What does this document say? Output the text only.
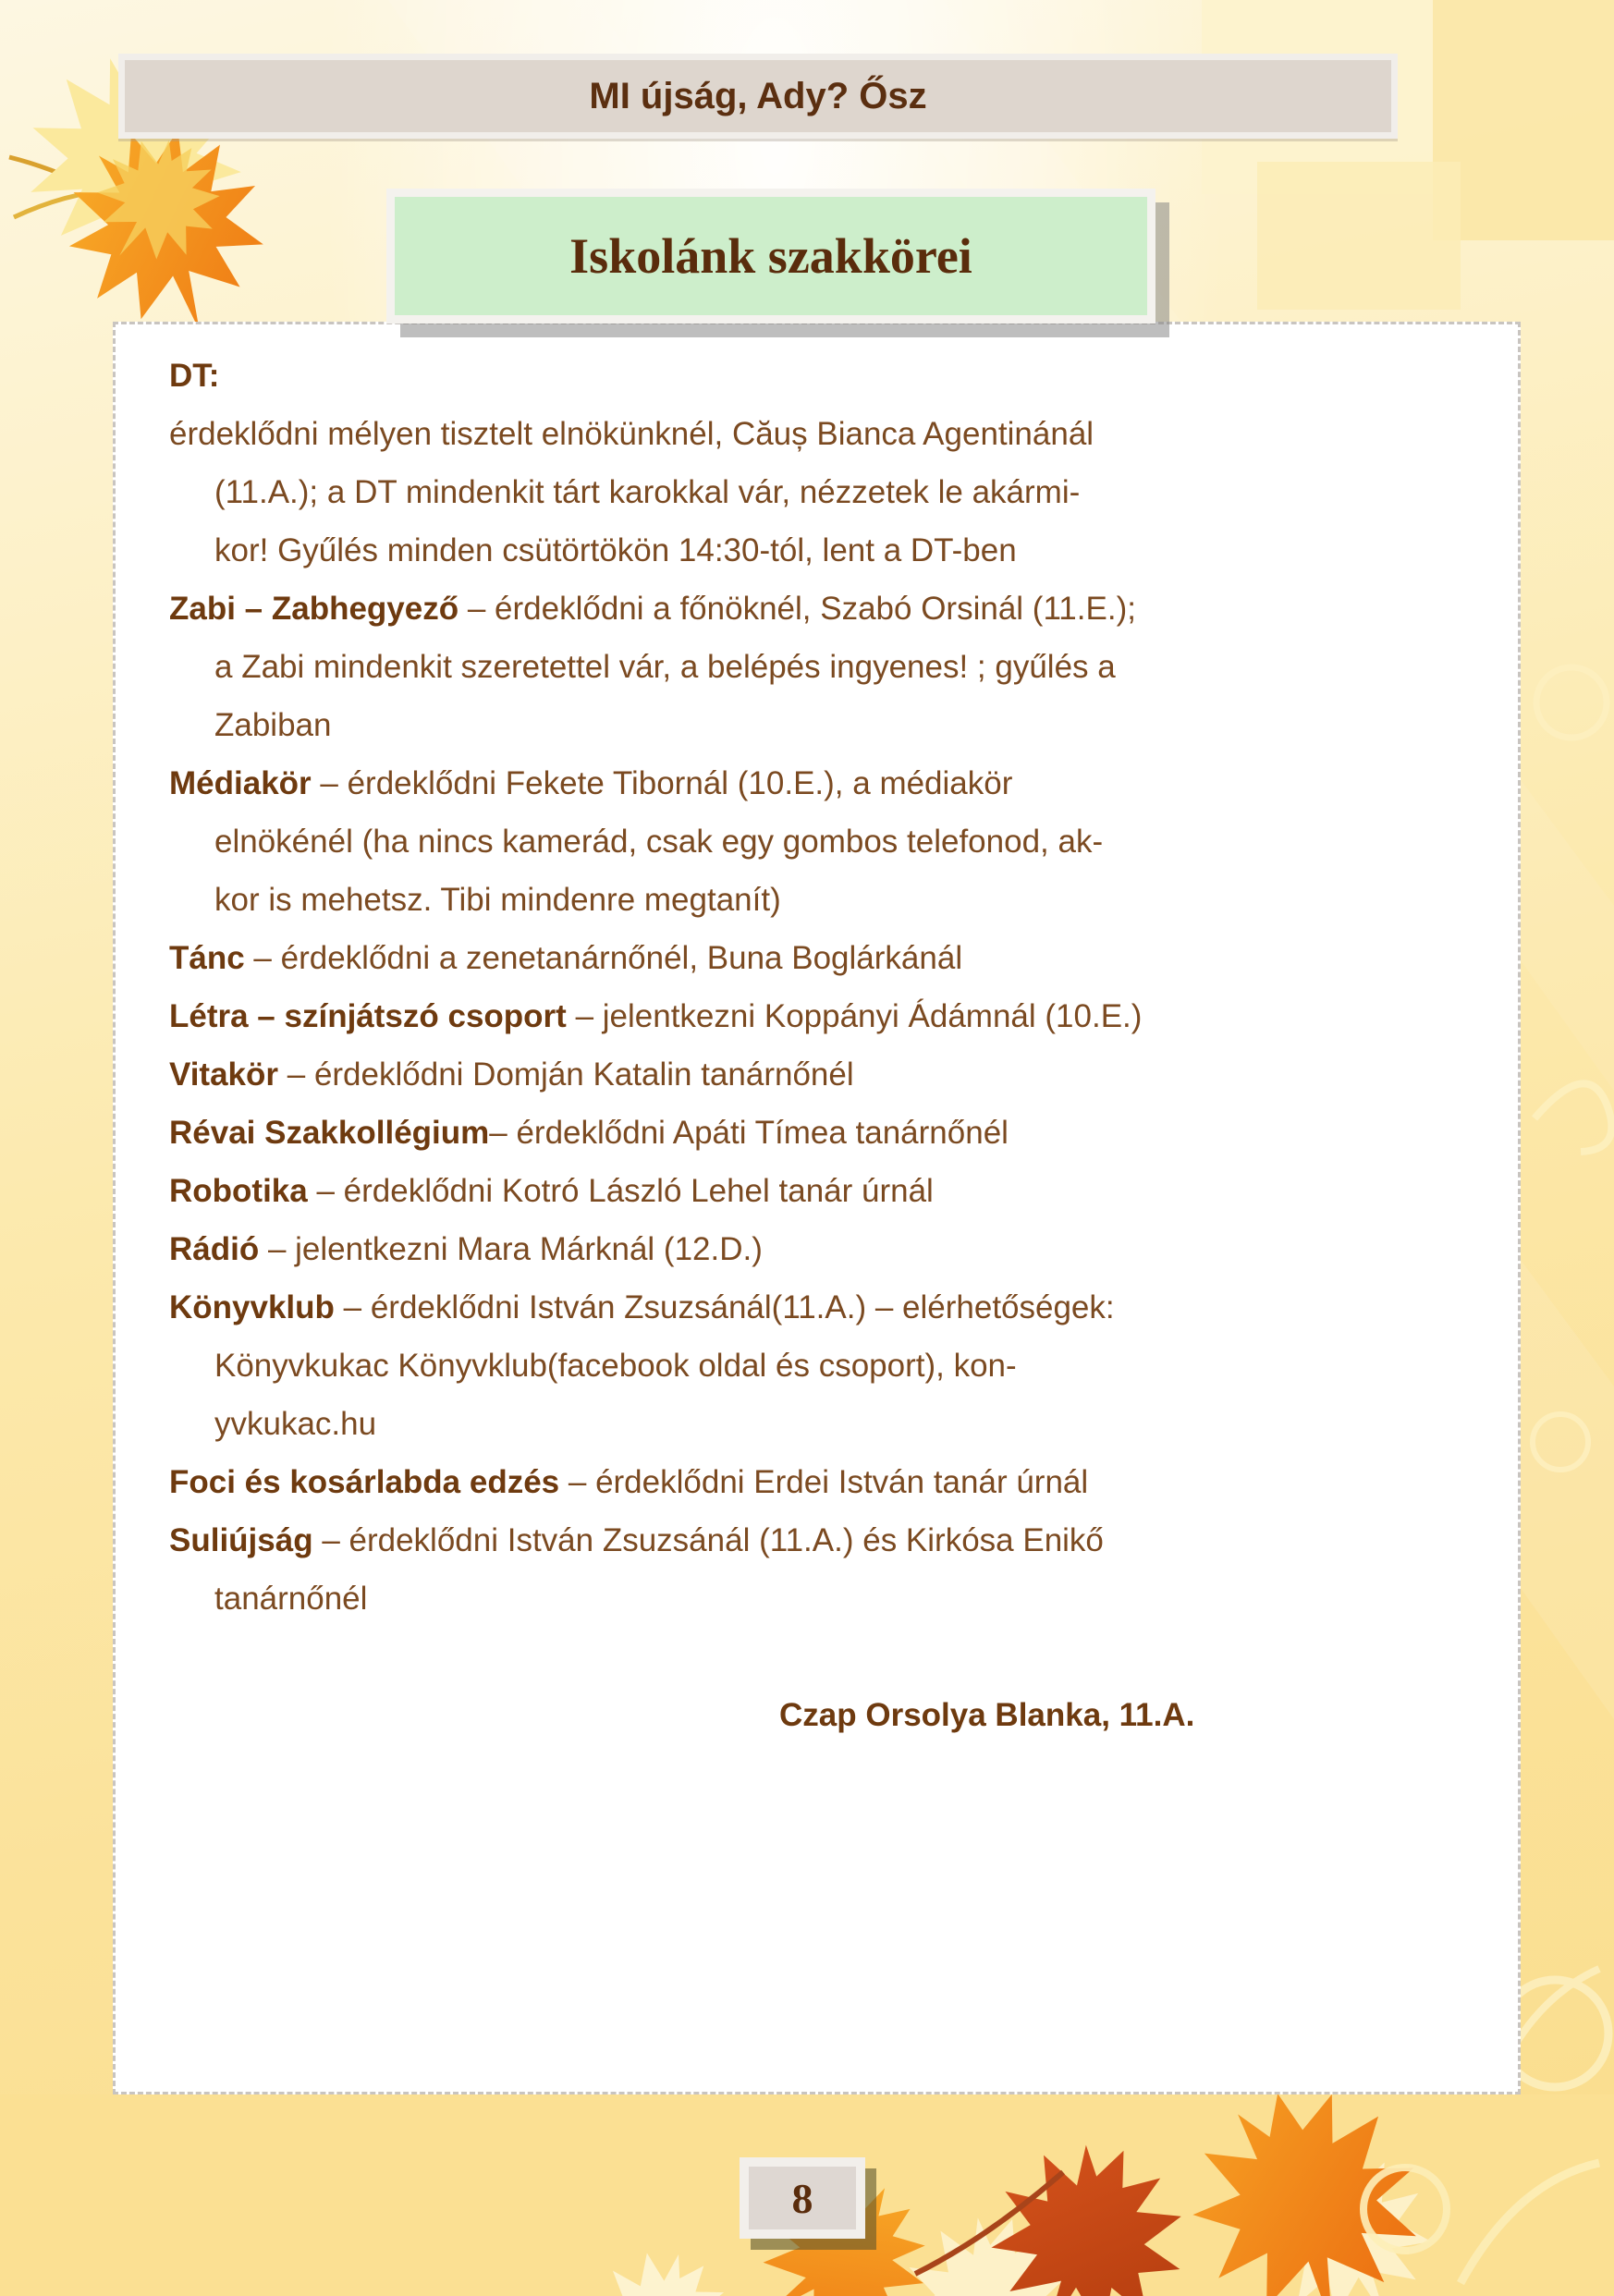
MI újság, Ady? Ősz
Iskolánk szakkörei
DT:
érdeklődni mélyen tisztelt elnökünknél, Căuș Bianca Agentinánál
(11.A.); a DT mindenkit tárt karokkal vár, nézzetek le akármi-
kor! Gyűlés minden csütörtökön 14:30-tól, lent a DT-ben
Zabi – Zabhegyező – érdeklődni a főnöknél, Szabó Orsinál (11.E.);
a Zabi mindenkit szeretettel vár, a belépés ingyenes! ; gyűlés a
Zabiban
Médiakör – érdeklődni Fekete Tibornál (10.E.), a médiakör
elnökénél (ha nincs kamerád, csak egy gombos telefonod, ak-
kor is mehetsz. Tibi mindenre megtanít)
Tánc – érdeklődni a zenetanárnőnél, Buna Boglárkánál
Létra – színjátszó csoport – jelentkezni Koppányi Ádámnál (10.E.)
Vitakör – érdeklődni Domján Katalin tanárnőnél
Révai Szakkollégium– érdeklődni Apáti Tímea tanárnőnél
Robotika – érdeklődni Kotró László Lehel tanár úrnál
Rádió – jelentkezni Mara Márknál (12.D.)
Könyvklub – érdeklődni István Zsuzsánál(11.A.) – elérhetőségek:
Könyvkukac Könyvklub(facebook oldal és csoport), kon-
yvkukac.hu
Foci és kosárlabda edzés – érdeklődni Erdei István tanár úrnál
Suliújság – érdeklődni István Zsuzsánál (11.A.) és Kirkósa Enikő
tanárnőnél
Czap Orsolya Blanka, 11.A.
8
